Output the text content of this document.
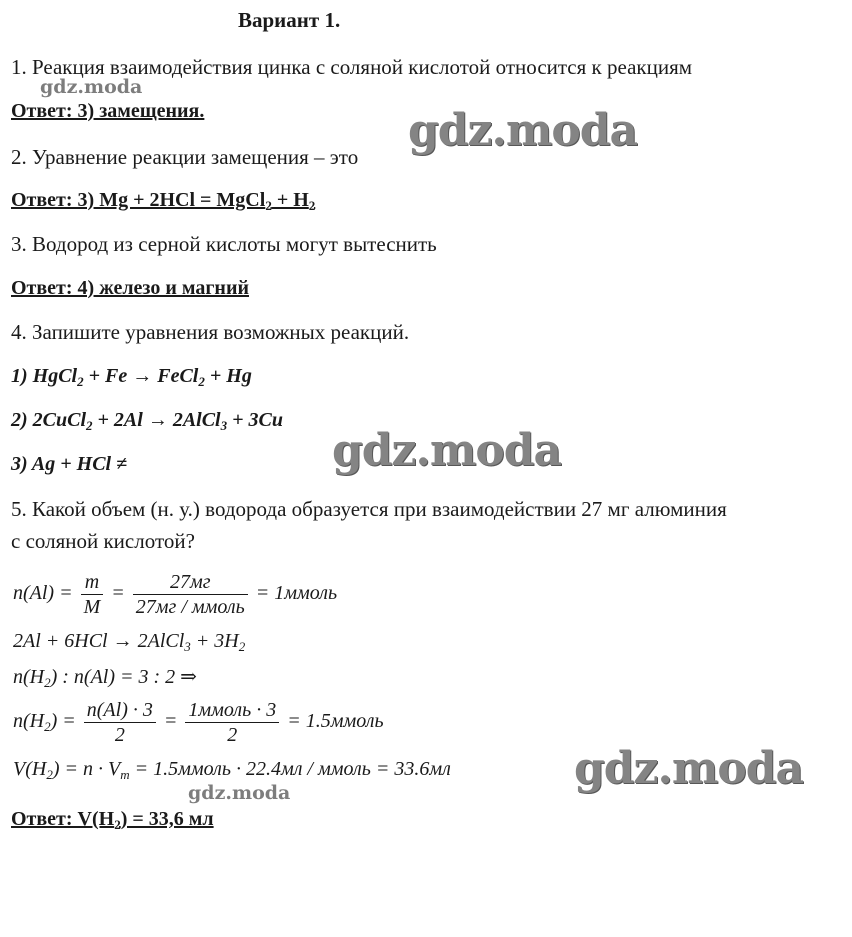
Вариант 1.
1. Реакция взаимодействия цинка с соляной кислотой относится к реакциям
Ответ: 3) замещения.
2. Уравнение реакции замещения – это
Ответ: 3) Mg + 2HCl = MgCl$_2$ + $H_2$
3. Водород из серной кислоты могут вытеснить
Ответ: 4) железо и магний
4. Запишите уравнения возможных реакций.
1) HgCl$_2$ + Fe → FeCl$_2$ + Hg
2) 2CuCl$_2$ + 2Al → 2AlCl$_3$ + 3Cu
3) Ag + HCl ≠
5. Какой объем (н. у.) водорода образуется при взаимодействии 27 мг алюминия
с соляной кислотой?
$n(Al) = \frac{m}{M} = \frac{27мг}{\text{27мг / ммоль}}$ = 1ммоль
2Al + 6HCl → 2AlCl$_3$ + $3H_2$
$n(H_2)$ : n(Al) = 3 : 2 ⇒
$n(H_2) = \frac{n(Al) \cdot 3}{2} = \frac{\text{1ммоль · 3}}{2}$ = 1.5ммоль
$V(H_2) = n \cdot V_m$ = 1.5ммоль · 22.4мл / ммоль = 33.6мл
Ответ: $V(H_2) = 33,6$ мл
gdz.moda
gdz.moda
gdz.moda
gdz.moda
gdz.moda
